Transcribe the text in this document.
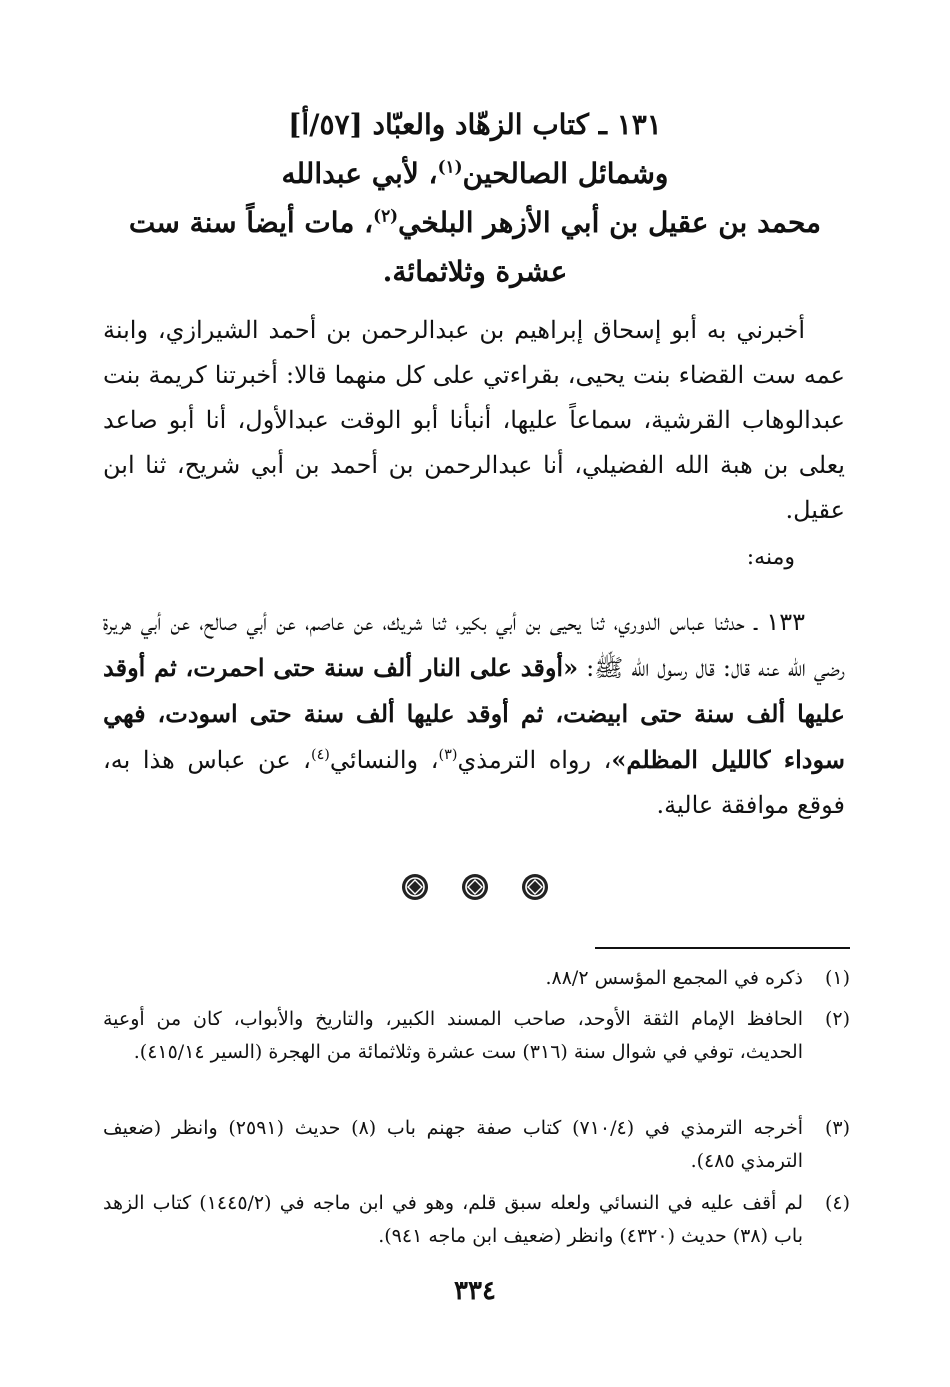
١٣١ ـ كتاب الزهّاد والعبّاد [٥٧/أ]
وشمائل الصالحين$^{(١)}$، لأبي عبدالله
محمد بن عقيل بن أبي الأزهر البلخي$^{(٢)}$، مات أيضاً سنة ست
عشرة وثلاثمائة.

أخبرني به أبو إسحاق إبراهيم بن عبدالرحمن بن أحمد الشيرازي، وابنة عمه ست القضاء بنت يحيى، بقراءتي على كل منهما قالا: أخبرتنا كريمة بنت عبدالوهاب القرشية، سماعاً عليها، أنبأنا أبو الوقت عبدالأول، أنا أبو صاعد يعلى بن هبة الله الفضيلي، أنا عبدالرحمن بن أحمد بن أبي شريح، ثنا ابن عقيل.

ومنه:

١٣٣ ـ حدثنا عباس الدوري، ثنا يحيى بن أبي بكير، ثنا شريك، عن عاصم، عن أبي صالح، عن أبي هريرة رضي الله عنه قال: قال رسول الله ﷺ: «أوقد على النار ألف سنة حتى احمرت، ثم أوقد عليها ألف سنة حتى ابيضت، ثم أوقد عليها ألف سنة حتى اسودت، فهي سوداء كالليل المظلم»، رواه الترمذي$^{(٣)}$، والنسائي$^{(٤)}$، عن عباس هذا به، فوقع موافقة عالية.

(١)
ذكره في المجمع المؤسس ٨٨/٢.
(٢)
الحافظ الإمام الثقة الأوحد، صاحب المسند الكبير، والتاريخ والأبواب، كان من أوعية الحديث، توفي في شوال سنة (٣١٦) ست عشرة وثلاثمائة من الهجرة (السير ٤١٥/١٤).
(٣)
أخرجه الترمذي في (٧١٠/٤) كتاب صفة جهنم باب (٨) حديث (٢٥٩١) وانظر (ضعيف الترمذي ٤٨٥).
(٤)
لم أقف عليه في النسائي ولعله سبق قلم، وهو في ابن ماجه في (١٤٤٥/٢) كتاب الزهد باب (٣٨) حديث (٤٣٢٠) وانظر (ضعيف ابن ماجه ٩٤١).
٣٣٤
